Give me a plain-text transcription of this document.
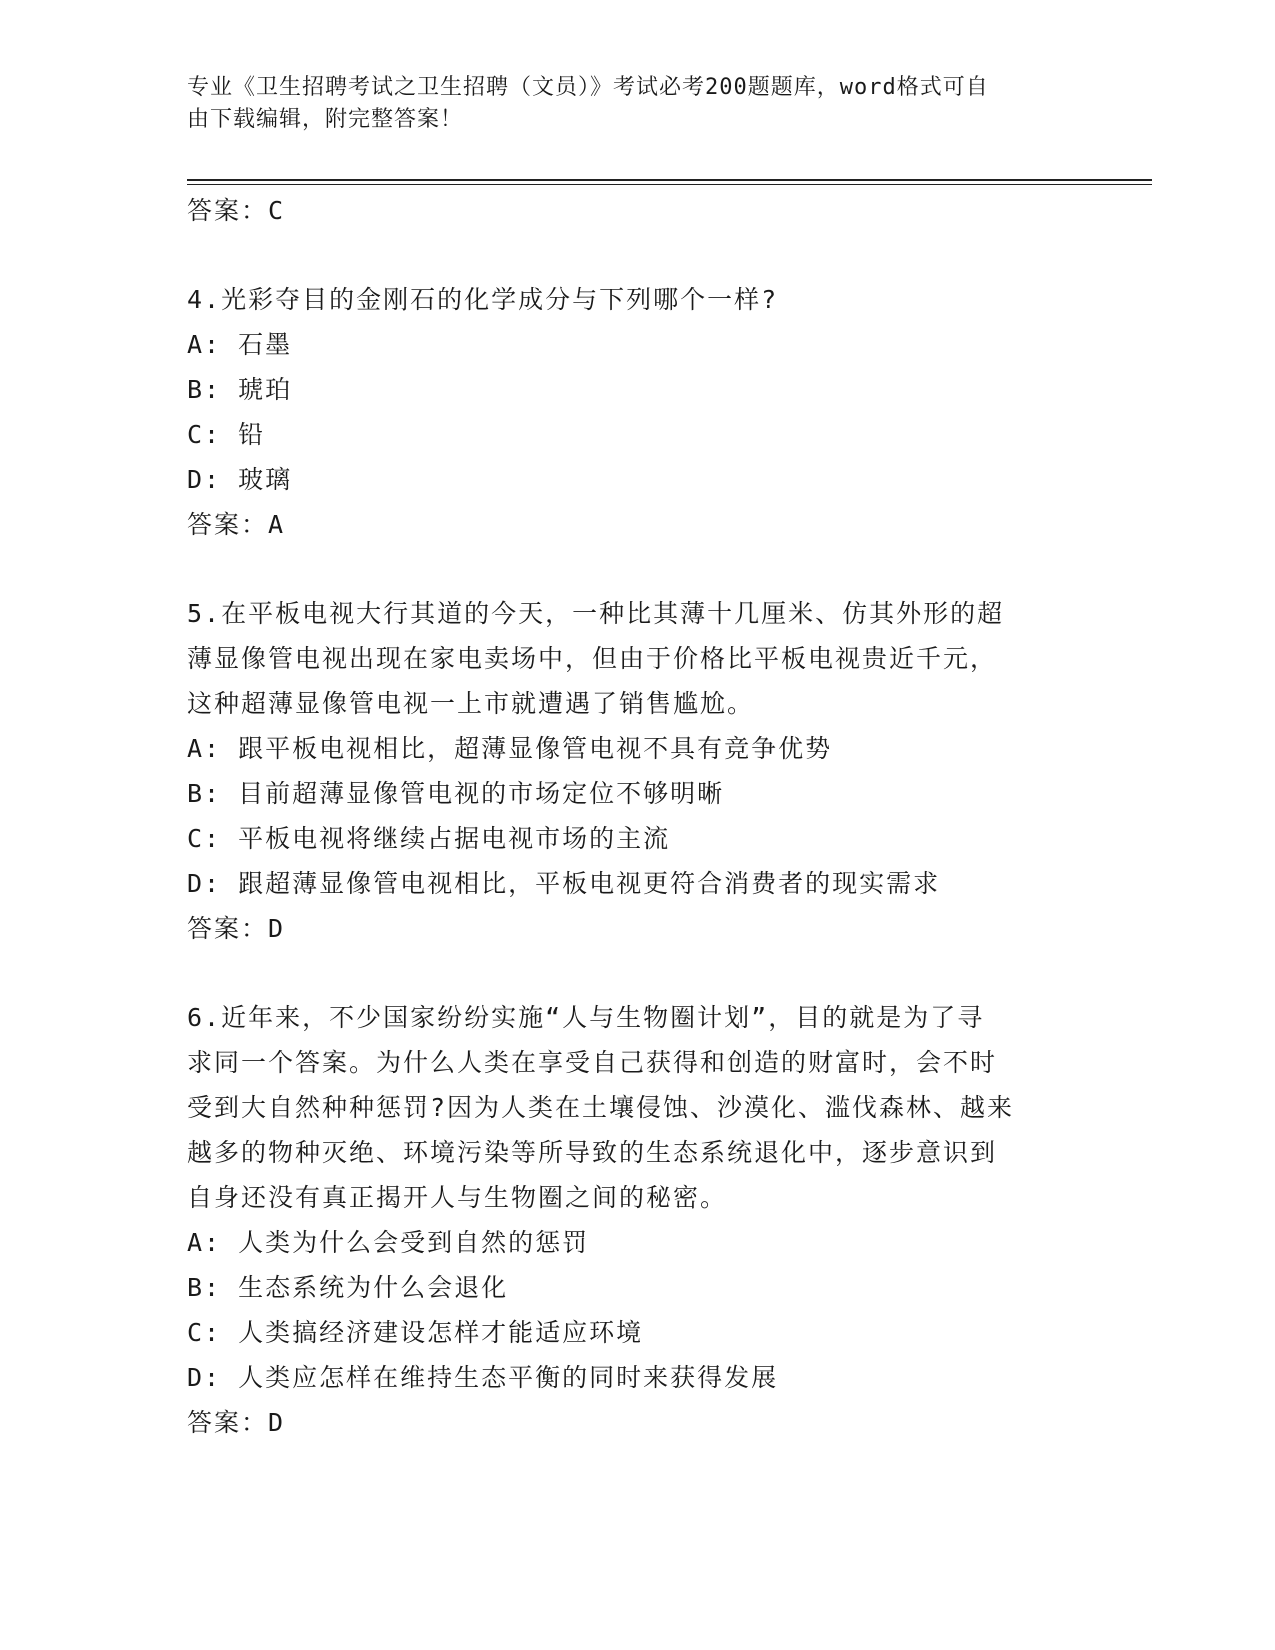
专业《卫生招聘考试之卫生招聘（文员）》考试必考200题题库，word格式可自
由下载编辑，附完整答案！
答案：C
4.光彩夺目的金刚石的化学成分与下列哪个一样?
A: 石墨
B: 琥珀
C: 铅
D: 玻璃
答案：A
5.在平板电视大行其道的今天，一种比其薄十几厘米、仿其外形的超
薄显像管电视出现在家电卖场中，但由于价格比平板电视贵近千元，
这种超薄显像管电视一上市就遭遇了销售尴尬。
A: 跟平板电视相比，超薄显像管电视不具有竞争优势
B: 目前超薄显像管电视的市场定位不够明晰
C: 平板电视将继续占据电视市场的主流
D: 跟超薄显像管电视相比，平板电视更符合消费者的现实需求
答案：D
6.近年来，不少国家纷纷实施“人与生物圈计划”，目的就是为了寻
求同一个答案。为什么人类在享受自己获得和创造的财富时，会不时
受到大自然种种惩罚?因为人类在土壤侵蚀、沙漠化、滥伐森林、越来
越多的物种灭绝、环境污染等所导致的生态系统退化中，逐步意识到
自身还没有真正揭开人与生物圈之间的秘密。
A: 人类为什么会受到自然的惩罚
B: 生态系统为什么会退化
C: 人类搞经济建设怎样才能适应环境
D: 人类应怎样在维持生态平衡的同时来获得发展
答案：D
